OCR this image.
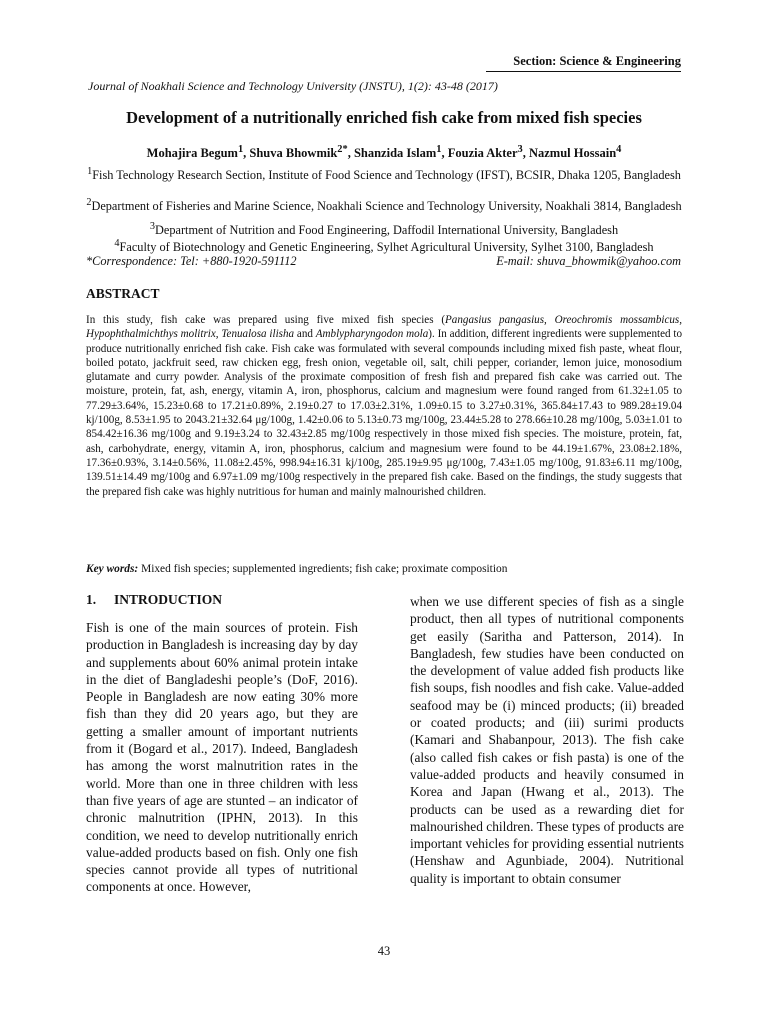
Section: Science & Engineering
Journal of Noakhali Science and Technology University (JNSTU), 1(2): 43-48 (2017)
Development of a nutritionally enriched fish cake from mixed fish species
Mohajira Begum$^1$, Shuva Bhowmik$^{2*}$, Shanzida Islam$^1$, Fouzia Akter$^3$, Nazmul Hossain$^4$
$^1$Fish Technology Research Section, Institute of Food Science and Technology (IFST), BCSIR, Dhaka 1205, Bangladesh
$^2$Department of Fisheries and Marine Science, Noakhali Science and Technology University, Noakhali 3814, Bangladesh
$^3$Department of Nutrition and Food Engineering, Daffodil International University, Bangladesh
$^4$Faculty of Biotechnology and Genetic Engineering, Sylhet Agricultural University, Sylhet 3100, Bangladesh
*Correspondence: Tel: +880-1920-591112	E-mail: shuva_bhowmik@yahoo.com
ABSTRACT

In this study, fish cake was prepared using five mixed fish species (Pangasius pangasius, Oreochromis mossambicus, Hypophthalmichthys molitrix, Tenualosa ilisha and Amblypharyngodon mola). In addition, different ingredients were supplemented to produce nutritionally enriched fish cake. Fish cake was formulated with several compounds including mixed fish paste, wheat flour, boiled potato, jackfruit seed, raw chicken egg, fresh onion, vegetable oil, salt, chili pepper, coriander, lemon juice, monosodium glutamate and curry powder. Analysis of the proximate composition of fresh fish and prepared fish cake was carried out. The moisture, protein, fat, ash, energy, vitamin A, iron, phosphorus, calcium and magnesium were found ranged from 61.32±1.05 to 77.29±3.64%, 15.23±0.68 to 17.21±0.89%, 2.19±0.27 to 17.03±2.31%, 1.09±0.15 to 3.27±0.31%, 365.84±17.43 to 989.28±19.04 kj/100g, 8.53±1.95 to 2043.21±32.64 μg/100g, 1.42±0.06 to 5.13±0.73 mg/100g, 23.44±5.28 to 278.66±10.28 mg/100g, 5.03±1.01 to 854.42±16.36 mg/100g and 9.19±3.24 to 32.43±2.85 mg/100g respectively in those mixed fish species. The moisture, protein, fat, ash, carbohydrate, energy, vitamin A, iron, phosphorus, calcium and magnesium were found to be 44.19±1.67%, 23.08±2.18%, 17.36±0.93%, 3.14±0.56%, 11.08±2.45%, 998.94±16.31 kj/100g, 285.19±9.95 μg/100g, 7.43±1.05 mg/100g, 91.83±6.11 mg/100g, 139.51±14.49 mg/100g and 6.97±1.09 mg/100g respectively in the prepared fish cake. Based on the findings, the study suggests that the prepared fish cake was highly nutritious for human and mainly malnourished children.

Key words: Mixed fish species; supplemented ingredients; fish cake; proximate composition
1. INTRODUCTION
Fish is one of the main sources of protein. Fish production in Bangladesh is increasing day by day and supplements about 60% animal protein intake in the diet of Bangladeshi people’s (DoF, 2016). People in Bangladesh are now eating 30% more fish than they did 20 years ago, but they are getting a smaller amount of important nutrients from it (Bogard et al., 2017). Indeed, Bangladesh has among the worst malnutrition rates in the world. More than one in three children with less than five years of age are stunted – an indicator of chronic malnutrition (IPHN, 2013). In this condition, we need to develop nutritionally enrich value-added products based on fish. Only one fish species cannot provide all types of nutritional components at once. However,
when we use different species of fish as a single product, then all types of nutritional components get easily (Saritha and Patterson, 2014). In Bangladesh, few studies have been conducted on the development of value added fish products like fish soups, fish noodles and fish cake. Value-added seafood may be (i) minced products; (ii) breaded or coated products; and (iii) surimi products (Kamari and Shabanpour, 2013). The fish cake (also called fish cakes or fish pasta) is one of the value-added products and heavily consumed in Korea and Japan (Hwang et al., 2013). The products can be used as a rewarding diet for malnourished children. These types of products are important vehicles for providing essential nutrients (Henshaw and Agunbiade, 2004). Nutritional quality is important to obtain consumer
43
